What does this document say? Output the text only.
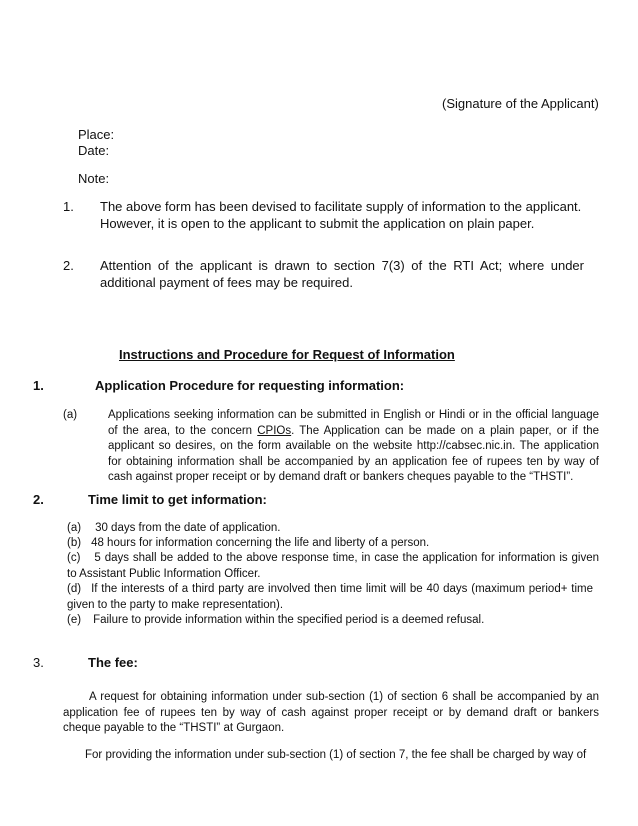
(Signature of the Applicant)
Place:
Date:
Note:
1. The above form has been devised to facilitate supply of information to the applicant. However, it is open to the applicant to submit the application on plain paper.
2. Attention of the applicant is drawn to section 7(3) of the RTI Act; where under additional payment of fees may be required.
Instructions and Procedure for Request of Information
1.	Application Procedure for requesting information:
(a)	Applications seeking information can be submitted in English or Hindi or in the official language of the area, to the concern CPIOs. The Application can be made on a plain paper, or if the applicant so desires, on the form available on the website http://cabsec.nic.in. The application for obtaining information shall be accompanied by an application fee of rupees ten by way of cash against proper receipt or by demand draft or bankers cheques payable to the “THSTI”.
2.	Time limit to get information:
(a) 30 days from the date of application.
(b) 48 hours for information concerning the life and liberty of a person.
(c) 5 days shall be added to the above response time, in case the application for information is given to Assistant Public Information Officer.
(d) If the interests of a third party are involved then time limit will be 40 days (maximum period+ time given to the party to make representation).
(e) Failure to provide information within the specified period is a deemed refusal.
3.	The fee:
A request for obtaining information under sub-section (1) of section 6 shall be accompanied by an application fee of rupees ten by way of cash against proper receipt or by demand draft or bankers cheque payable to the “THSTI” at Gurgaon.
For providing the information under sub-section (1) of section 7, the fee shall be charged by way of
